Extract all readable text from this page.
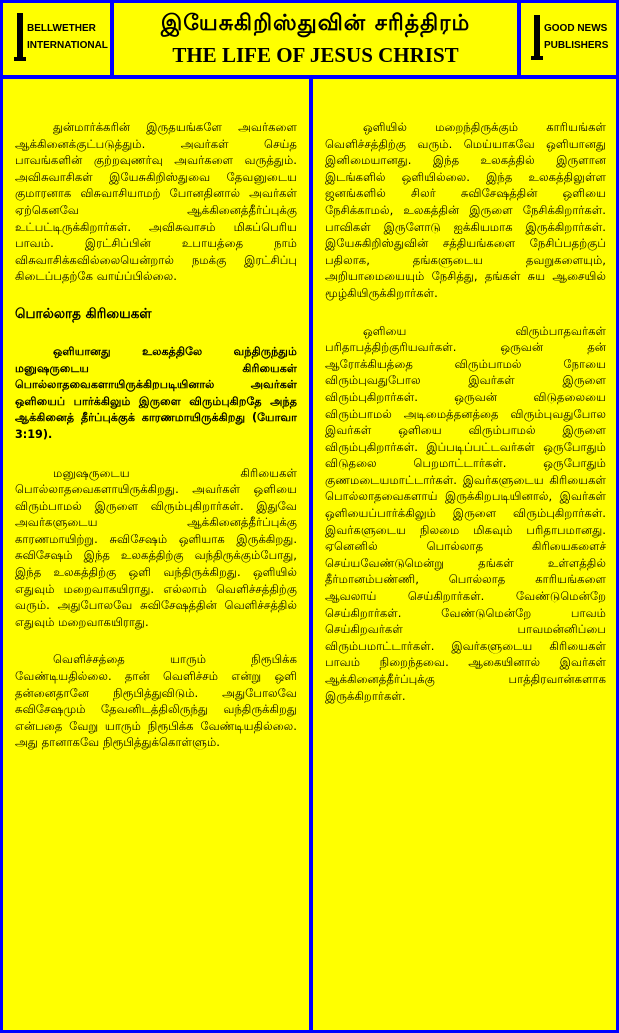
BELLWETHER
INTERNATIONAL
இயேசுகிறிஸ்துவின் சரித்திரம்
THE LIFE OF JESUS CHRIST
GOOD NEWS
PUBLISHERS

துன்மார்க்கரின் இருதயங்களே அவர்களை ஆக்கினைக்குட்படுத்தும். அவர்கள் செய்த பாவங்களின் குற்றவுணர்வு அவர்களை வருத்தும். அவிசுவாசிகள் இயேசுகிறிஸ்துவை தேவனுடைய குமாரனாக விசுவாசியாமற் போனதினால் அவர்கள் ஏற்கெனவே ஆக்கினைத்தீர்ப்புக்கு உட்பட்டிருக்கிறார்கள். அவிசுவாசம் மிகப்பெரிய பாவம். இரட்சிப்பின் உபாயத்தை நாம் விசுவாசிக்கவில்லையென்றால் நமக்கு இரட்சிப்பு கிடைப்பதற்கே வாய்ப்பில்லை.

பொல்லாத கிரியைகள்

ஒளியானது உலகத்திலே வந்திருந்தும் மனுஷருடைய கிரியைகள் பொல்லாதவைகளாயிருக்கிறபடியினால் அவர்கள் ஒளியைப் பார்க்கிலும் இருளை விரும்புகிறதே அந்த ஆக்கினைத் தீர்ப்புக்குக் காரணமாயிருக்கிறது (யோவா 3:19).

மனுஷருடைய கிரியைகள் பொல்லாதவைகளாயிருக்கிறது. அவர்கள் ஒளியை விரும்பாமல் இருளை விரும்புகிறார்கள். இதுவே அவர்களுடைய ஆக்கினைத்தீர்ப்புக்கு காரணமாயிற்று. சுவிசேஷம் ஒளியாக இருக்கிறது. சுவிசேஷம் இந்த உலகத்திற்கு வந்திருக்கும்போது, இந்த உலகத்திற்கு ஒளி வந்திருக்கிறது. ஒளியில் எதுவும் மறைவாகயிராது. எல்லாம் வெளிச்சத்திற்கு வரும். அதுபோலவே சுவிசேஷத்தின் வெளிச்சத்தில் எதுவும் மறைவாகயிராது.

வெளிச்சத்தை யாரும் நிரூபிக்க வேண்டியதில்லை. தான் வெளிச்சம் என்று ஒளி தன்னைதானே நிரூபித்துவிடும். அதுபோலவே சுவிசேஷமும் தேவனிடத்திலிருந்து வந்திருக்கிறது என்பதை வேறு யாரும் நிரூபிக்க வேண்டியதில்லை. அது தானாகவே நிரூபித்துக்கொள்ளும்.

ஒளியில் மறைந்திருக்கும் காரியங்கள் வெளிச்சத்திற்கு வரும். மெய்யாகவே ஒளியானது இனிமையானது. இந்த உலகத்தில் இருளான இடங்களில் ஒளியில்லை. இந்த உலகத்திலுள்ள ஜனங்களில் சிலர் சுவிசேஷத்தின் ஒளியை நேசிக்காமல், உலகத்தின் இருளை நேசிக்கிறார்கள். பாவிகள் இருளோடு ஐக்கியமாக இருக்கிறார்கள். இயேசுகிறிஸ்துவின் சத்தியங்களை நேசிப்பதற்குப் பதிலாக, தங்களுடைய தவறுகளையும், அறியாமையையும் நேசித்து, தங்கள் சுய ஆசையில் மூழ்கியிருக்கிறார்கள்.

ஒளியை விரும்பாதவர்கள் பரிதாபத்திற்குரியவர்கள். ஒருவன் தன் ஆரோக்கியத்தை விரும்பாமல் நோயை விரும்புவதுபோல இவர்கள் இருளை விரும்புகிறார்கள். ஒருவன் விடுதலையை விரும்பாமல் அடிமைத்தனத்தை விரும்புவதுபோல இவர்கள் ஒளியை விரும்பாமல் இருளை விரும்புகிறார்கள். இப்படிப்பட்டவர்கள் ஒருபோதும் விடுதலை பெறமாட்டார்கள். ஒருபோதும் குணமடையமாட்டார்கள். இவர்களுடைய கிரியைகள் பொல்லாதவைகளாய் இருக்கிறபடியினால், இவர்கள் ஒளியைப்பார்க்கிலும் இருளை விரும்புகிறார்கள். இவர்களுடைய நிலமை மிகவும் பரிதாபமானது. ஏனெனில் பொல்லாத கிரியைகளைச் செய்யவேண்டுமென்று தங்கள் உள்ளத்தில் தீர்மானம்பண்ணி, பொல்லாத காரியங்களை ஆவலாய் செய்கிறார்கள். வேண்டுமென்றே செய்கிறார்கள். வேண்டுமென்றே பாவம் செய்கிறவர்கள் பாவமன்னிப்பை விரும்பமாட்டார்கள். இவர்களுடைய கிரியைகள் பாவம் நிறைந்தவை. ஆகையினால் இவர்கள் ஆக்கினைத்தீர்ப்புக்கு பாத்திரவான்களாக இருக்கிறார்கள்.
